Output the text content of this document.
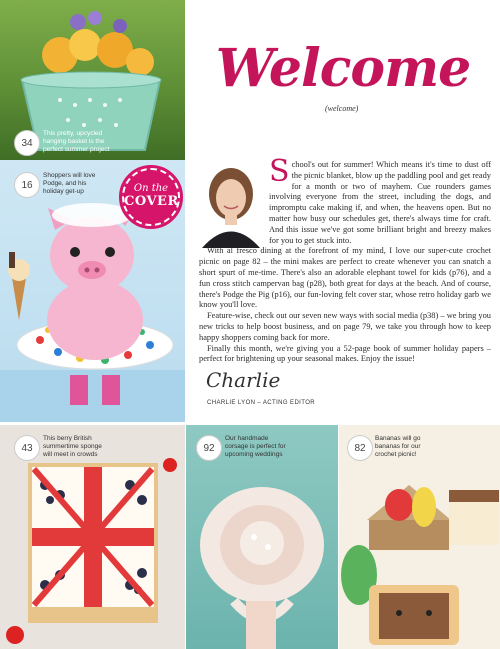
34
This pretty, upcycled hanging basket is the perfect summer project
16
Shoppers will love Podge, and his holiday get-up	On the
COVER
43
This berry British summertime sponge will meet in crowds
92
Our handmade corsage is perfect for upcoming weddings
82
Bananas will go bananas for our crochet picnic!
Welcome
(welcome)

School's out for summer! Which means it's time to dust off the picnic blanket, blow up the paddling pool and get ready for a month or two of mayhem. Cue rounders games involving everyone from the street, including the dogs, and impromptu cake making if, and when, the heavens open. But no matter how busy our schedules get, there's always time for craft. And this issue we've got some brilliant bright and breezy makes for you to get stuck into.

With al fresco dining at the forefront of my mind, I love our super-cute crochet picnic on page 82 – the mini makes are perfect to create whenever you can snatch a short spurt of me-time. There's also an adorable elephant towel for kids (p76), and a fun cross stitch campervan bag (p28), both great for days at the beach. And of course, there's Podge the Pig (p16), our fun-loving felt cover star, whose retro holiday garb we know you'll love.

Feature-wise, check out our seven new ways with social media (p38) – we bring you new tricks to help boost business, and on page 79, we take you through how to keep happy shoppers coming back for more.

Finally this month, we're giving you a 52-page book of summer holiday papers – perfect for brightening up your seasonal makes. Enjoy the issue!

Charlie
CHARLIE LYON – ACTING EDITOR
